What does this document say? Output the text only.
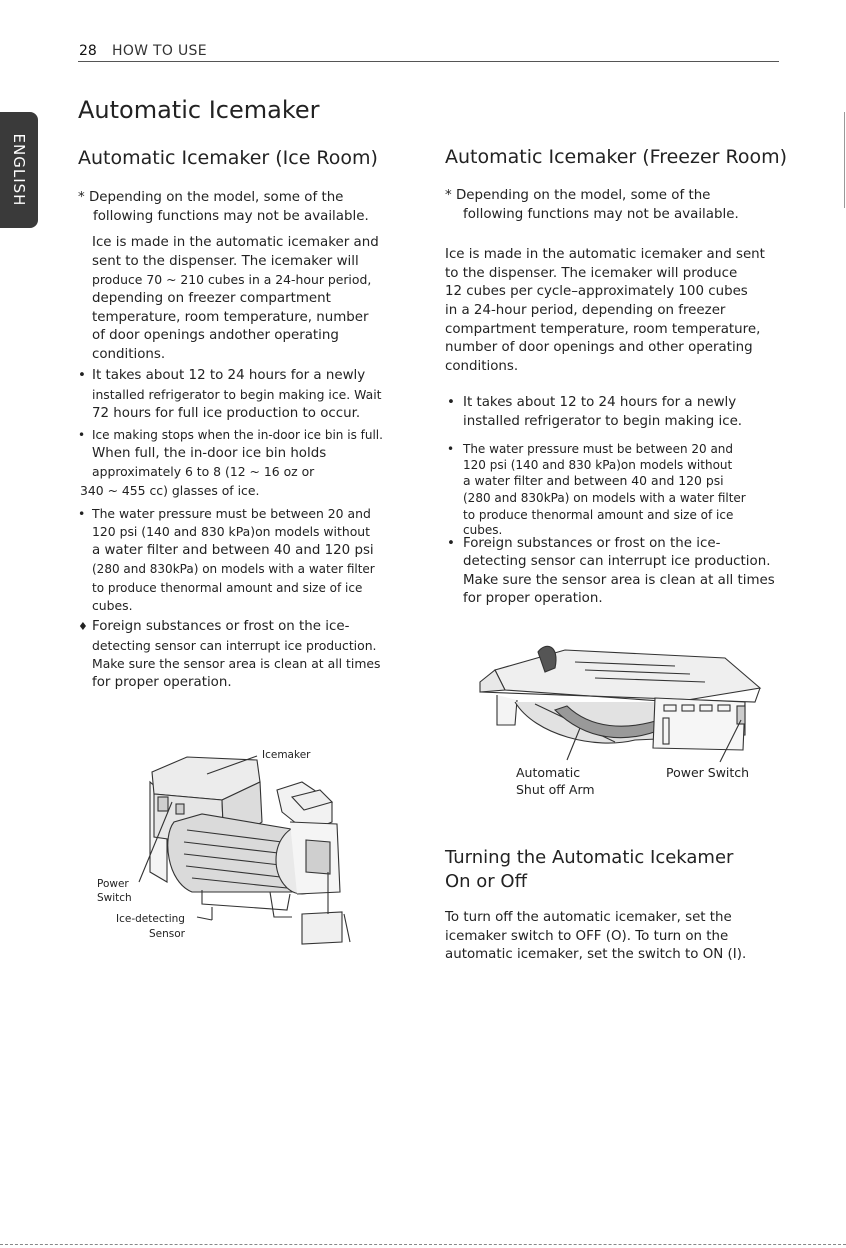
28 HOW TO USE
ENGLISH
Automatic Icemaker
Automatic Icemaker (Ice Room)
* Depending on the model, some of the
following functions may not be available.
Ice is made in the automatic icemaker and
sent to the dispenser. The icemaker will
produce 70 ~ 210 cubes in a 24-hour period,
depending on freezer compartment
temperature, room temperature, number
of door openings andother operating
conditions.
• It takes about 12 to 24 hours for a newly
installed refrigerator to begin making ice. Wait
72 hours for full ice production to occur.
• Ice making stops when the in-door ice bin is full.
When full, the in-door ice bin holds
approximately 6 to 8 (12 ~ 16 oz or
340 ~ 455 cc) glasses of ice.
• The water pressure must be between 20 and
120 psi (140 and 830 kPa)on models without
a water filter and between 40 and 120 psi
(280 and 830kPa) on models with a water filter
to produce thenormal amount and size of ice
cubes.
♦ Foreign substances or frost on the ice-
detecting sensor can interrupt ice production.
Make sure the sensor area is clean at all times
for proper operation.
Icemaker
Power
Switch
Ice-detecting
Sensor
Automatic Icemaker (Freezer Room)
* Depending on the model, some of the
following functions may not be available.
Ice is made in the automatic icemaker and sent
to the dispenser. The icemaker will produce
12 cubes per cycle–approximately 100 cubes
in a 24-hour period, depending on freezer
compartment temperature, room temperature,
number of door openings and other operating
conditions.
• It takes about 12 to 24 hours for a newly
installed refrigerator to begin making ice.
• The water pressure must be between 20 and
120 psi (140 and 830 kPa)on models without
a water filter and between 40 and 120 psi
(280 and 830kPa) on models with a water filter
to produce thenormal amount and size of ice
cubes.
• Foreign substances or frost on the ice-
detecting sensor can interrupt ice production.
Make sure the sensor area is clean at all times
for proper operation.
Automatic
Shut off Arm
Power Switch
Turning the Automatic Icekamer
On or Off
To turn off the automatic icemaker, set the
icemaker switch to OFF (O). To turn on the
automatic icemaker, set the switch to ON (I).
